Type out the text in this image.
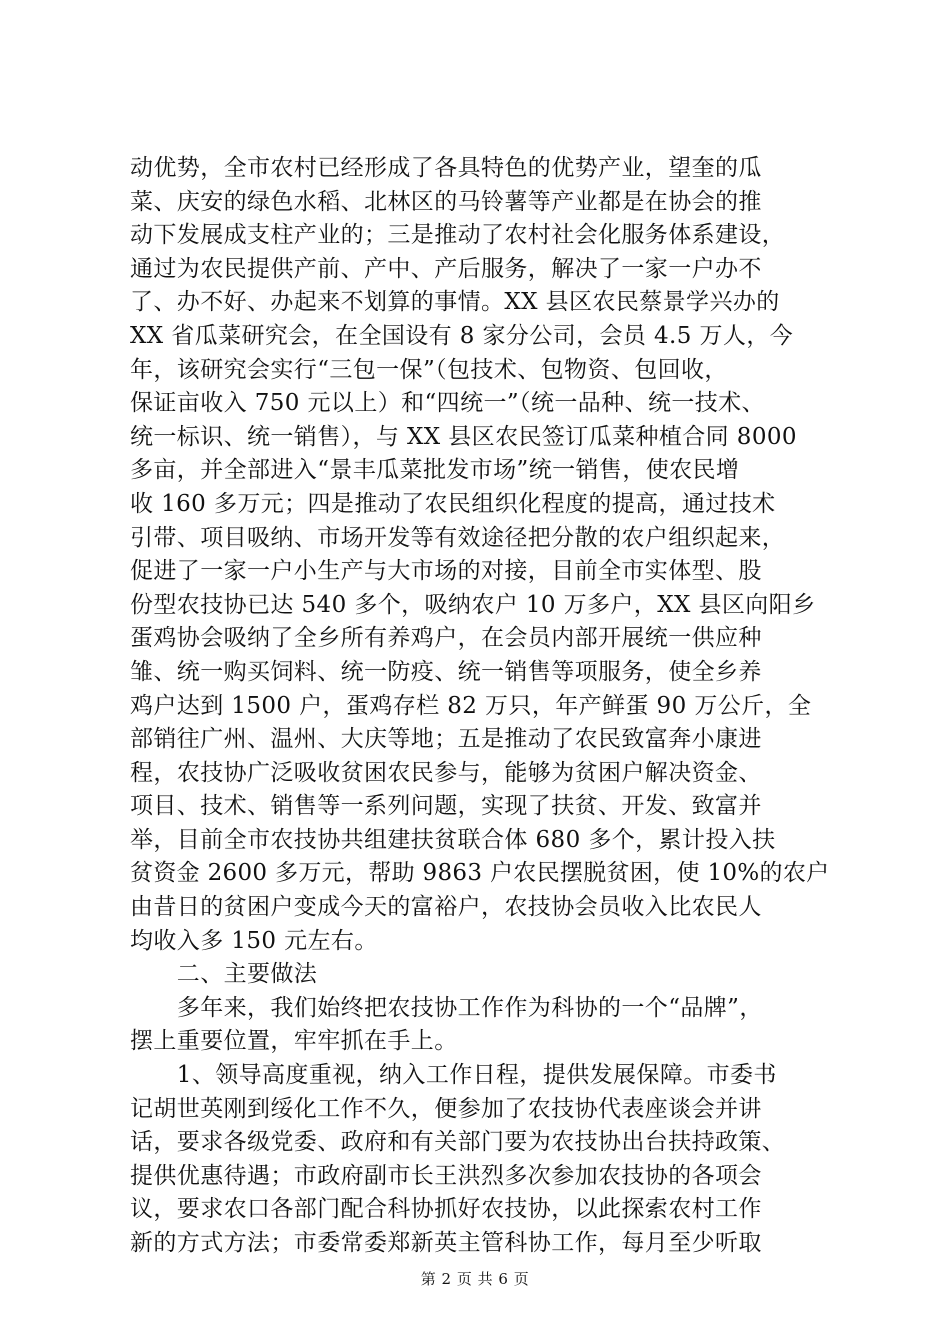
动优势，全市农村已经形成了各具特色的优势产业，望奎的瓜
菜、庆安的绿色水稻、北林区的马铃薯等产业都是在协会的推
动下发展成支柱产业的；三是推动了农村社会化服务体系建设，
通过为农民提供产前、产中、产后服务，解决了一家一户办不
了、办不好、办起来不划算的事情。XX 县区农民蔡景学兴办的
XX 省瓜菜研究会，在全国设有 8 家分公司，会员 4.5 万人，今
年，该研究会实行“三包一保”（包技术、包物资、包回收，
保证亩收入 750 元以上）和“四统一”（统一品种、统一技术、
统一标识、统一销售），与 XX 县区农民签订瓜菜种植合同 8000
多亩，并全部进入“景丰瓜菜批发市场”统一销售，使农民增
收 160 多万元；四是推动了农民组织化程度的提高，通过技术
引带、项目吸纳、市场开发等有效途径把分散的农户组织起来，
促进了一家一户小生产与大市场的对接，目前全市实体型、股
份型农技协已达 540 多个，吸纳农户 10 万多户，XX 县区向阳乡
蛋鸡协会吸纳了全乡所有养鸡户，在会员内部开展统一供应种
雏、统一购买饲料、统一防疫、统一销售等项服务，使全乡养
鸡户达到 1500 户，蛋鸡存栏 82 万只，年产鲜蛋 90 万公斤，全
部销往广州、温州、大庆等地；五是推动了农民致富奔小康进
程，农技协广泛吸收贫困农民参与，能够为贫困户解决资金、
项目、技术、销售等一系列问题，实现了扶贫、开发、致富并
举，目前全市农技协共组建扶贫联合体 680 多个，累计投入扶
贫资金 2600 多万元，帮助 9863 户农民摆脱贫困，使 10%的农户
由昔日的贫困户变成今天的富裕户，农技协会员收入比农民人
均收入多 150 元左右。
　　二、主要做法
　　多年来，我们始终把农技协工作作为科协的一个“品牌”，
摆上重要位置，牢牢抓在手上。
　　1、领导高度重视，纳入工作日程，提供发展保障。市委书
记胡世英刚到绥化工作不久，便参加了农技协代表座谈会并讲
话，要求各级党委、政府和有关部门要为农技协出台扶持政策、
提供优惠待遇；市政府副市长王洪烈多次参加农技协的各项会
议，要求农口各部门配合科协抓好农技协，以此探索农村工作
新的方式方法；市委常委郑新英主管科协工作，每月至少听取
第 2 页 共 6 页
